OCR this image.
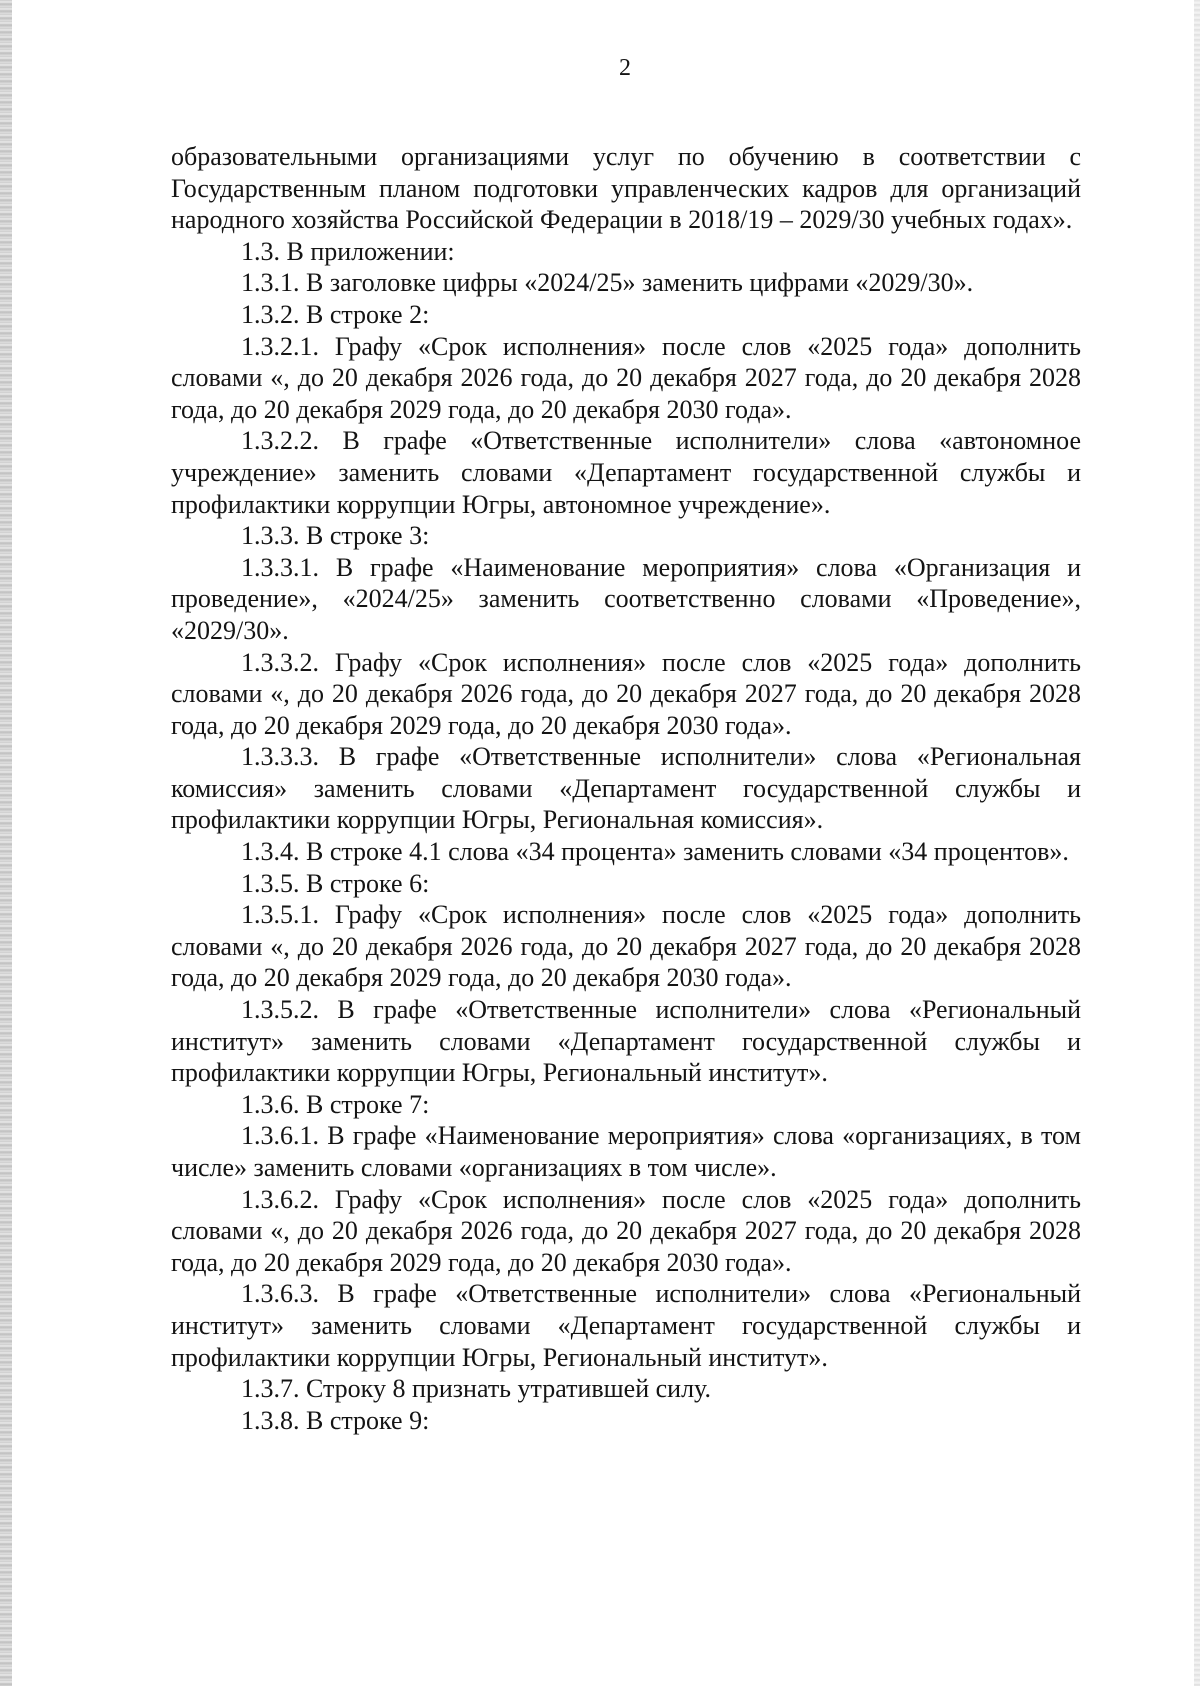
2

образовательными организациями услуг по обучению в соответствии с Государственным планом подготовки управленческих кадров для организаций народного хозяйства Российской Федерации в 2018/19 – 2029/30 учебных годах».

1.3. В приложении:

1.3.1. В заголовке цифры «2024/25» заменить цифрами «2029/30».

1.3.2. В строке 2:

1.3.2.1. Графу «Срок исполнения» после слов «2025 года» дополнить словами «, до 20 декабря 2026 года, до 20 декабря 2027 года, до 20 декабря 2028 года, до 20 декабря 2029 года, до 20 декабря 2030 года».

1.3.2.2. В графе «Ответственные исполнители» слова «автономное учреждение» заменить словами «Департамент государственной службы и профилактики коррупции Югры, автономное учреждение».

1.3.3. В строке 3:

1.3.3.1. В графе «Наименование мероприятия» слова «Организация и проведение», «2024/25» заменить соответственно словами «Проведение», «2029/30».

1.3.3.2. Графу «Срок исполнения» после слов «2025 года» дополнить словами «, до 20 декабря 2026 года, до 20 декабря 2027 года, до 20 декабря 2028 года, до 20 декабря 2029 года, до 20 декабря 2030 года».

1.3.3.3. В графе «Ответственные исполнители» слова «Региональная комиссия» заменить словами «Департамент государственной службы и профилактики коррупции Югры, Региональная комиссия».

1.3.4. В строке 4.1 слова «34 процента» заменить словами «34 процентов».

1.3.5. В строке 6:

1.3.5.1. Графу «Срок исполнения» после слов «2025 года» дополнить словами «, до 20 декабря 2026 года, до 20 декабря 2027 года, до 20 декабря 2028 года, до 20 декабря 2029 года, до 20 декабря 2030 года».

1.3.5.2. В графе «Ответственные исполнители» слова «Региональный институт» заменить словами «Департамент государственной службы и профилактики коррупции Югры, Региональный институт».

1.3.6. В строке 7:

1.3.6.1. В графе «Наименование мероприятия» слова «организациях, в том числе» заменить словами «организациях в том числе».

1.3.6.2. Графу «Срок исполнения» после слов «2025 года» дополнить словами «, до 20 декабря 2026 года, до 20 декабря 2027 года, до 20 декабря 2028 года, до 20 декабря 2029 года, до 20 декабря 2030 года».

1.3.6.3. В графе «Ответственные исполнители» слова «Региональный институт» заменить словами «Департамент государственной службы и профилактики коррупции Югры, Региональный институт».

1.3.7. Строку 8 признать утратившей силу.

1.3.8. В строке 9:
